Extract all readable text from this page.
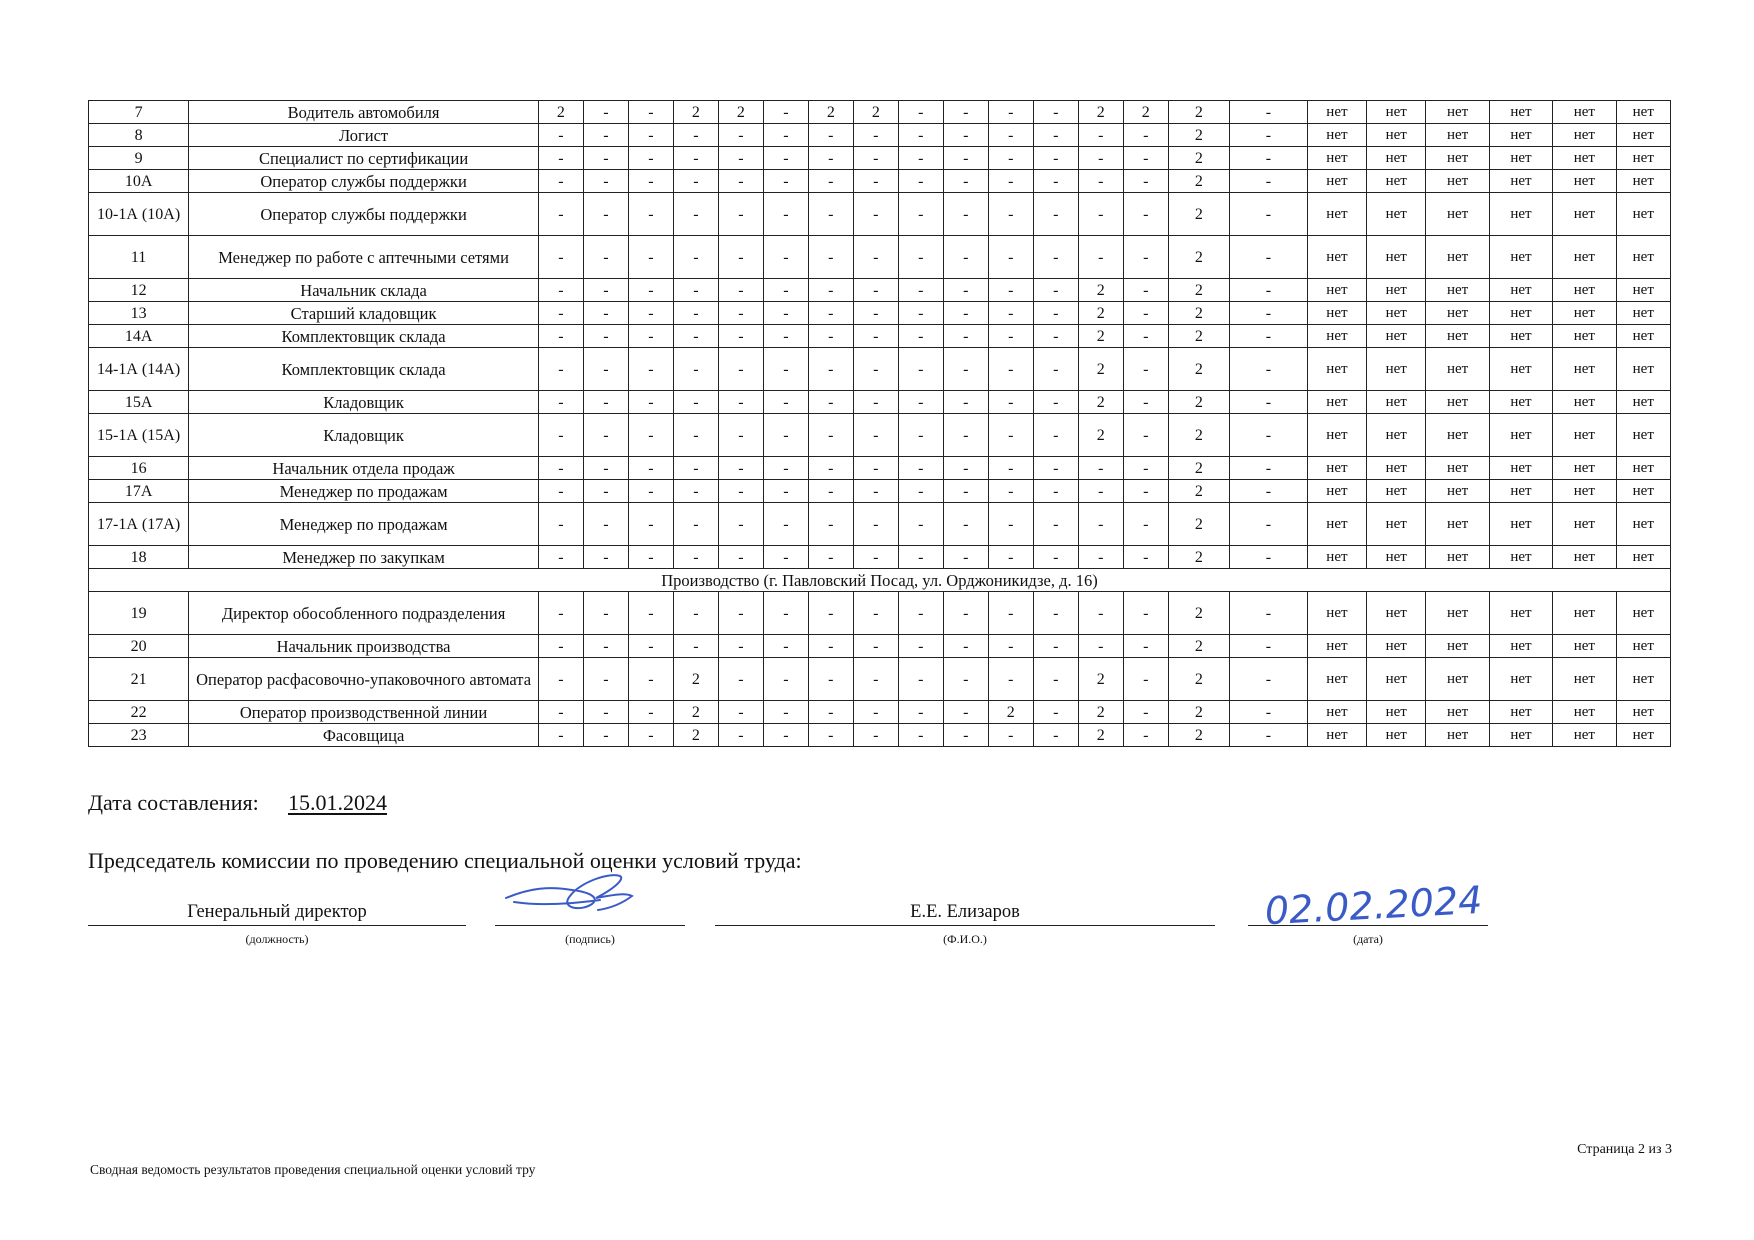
7	Водитель автомобиля	2	-	-	2	2	-	2	2	-	-	-	-	2	2	2	-	нет	нет	нет	нет	нет	нет
8	Логист	-	-	-	-	-	-	-	-	-	-	-	-	-	-	2	-	нет	нет	нет	нет	нет	нет
9	Специалист по сертификации	-	-	-	-	-	-	-	-	-	-	-	-	-	-	2	-	нет	нет	нет	нет	нет	нет
10А	Оператор службы поддержки	-	-	-	-	-	-	-	-	-	-	-	-	-	-	2	-	нет	нет	нет	нет	нет	нет
10-1А (10А)	Оператор службы поддержки	-	-	-	-	-	-	-	-	-	-	-	-	-	-	2	-	нет	нет	нет	нет	нет	нет
11	Менеджер по работе с аптечными сетями	-	-	-	-	-	-	-	-	-	-	-	-	-	-	2	-	нет	нет	нет	нет	нет	нет
12	Начальник склада	-	-	-	-	-	-	-	-	-	-	-	-	2	-	2	-	нет	нет	нет	нет	нет	нет
13	Старший кладовщик	-	-	-	-	-	-	-	-	-	-	-	-	2	-	2	-	нет	нет	нет	нет	нет	нет
14А	Комплектовщик склада	-	-	-	-	-	-	-	-	-	-	-	-	2	-	2	-	нет	нет	нет	нет	нет	нет
14-1А (14А)	Комплектовщик склада	-	-	-	-	-	-	-	-	-	-	-	-	2	-	2	-	нет	нет	нет	нет	нет	нет
15А	Кладовщик	-	-	-	-	-	-	-	-	-	-	-	-	2	-	2	-	нет	нет	нет	нет	нет	нет
15-1А (15А)	Кладовщик	-	-	-	-	-	-	-	-	-	-	-	-	2	-	2	-	нет	нет	нет	нет	нет	нет
16	Начальник отдела продаж	-	-	-	-	-	-	-	-	-	-	-	-	-	-	2	-	нет	нет	нет	нет	нет	нет
17А	Менеджер по продажам	-	-	-	-	-	-	-	-	-	-	-	-	-	-	2	-	нет	нет	нет	нет	нет	нет
17-1А (17А)	Менеджер по продажам	-	-	-	-	-	-	-	-	-	-	-	-	-	-	2	-	нет	нет	нет	нет	нет	нет
18	Менеджер по закупкам	-	-	-	-	-	-	-	-	-	-	-	-	-	-	2	-	нет	нет	нет	нет	нет	нет
Производство (г. Павловский Посад, ул. Орджоникидзе, д. 16)																							
19	Директор обособленного подразделения	-	-	-	-	-	-	-	-	-	-	-	-	-	-	2	-	нет	нет	нет	нет	нет	нет
20	Начальник производства	-	-	-	-	-	-	-	-	-	-	-	-	-	-	2	-	нет	нет	нет	нет	нет	нет
21	Оператор расфасовочно-упаковочного автомата	-	-	-	2	-	-	-	-	-	-	-	-	2	-	2	-	нет	нет	нет	нет	нет	нет
22	Оператор производственной линии	-	-	-	2	-	-	-	-	-	-	2	-	2	-	2	-	нет	нет	нет	нет	нет	нет
23	Фасовщица	-	-	-	2	-	-	-	-	-	-	-	-	2	-	2	-	нет	нет	нет	нет	нет	нет
Дата составления: 15.01.2024
Председатель комиссии по проведению специальной оценки условий труда:
Генеральный директор
(должность)	(подпись)
Е.Е. Елизаров
(Ф.И.О.)	(дата)
02.02.2024
Сводная ведомость результатов проведения специальной оценки условий тру
Страница 2 из 3
